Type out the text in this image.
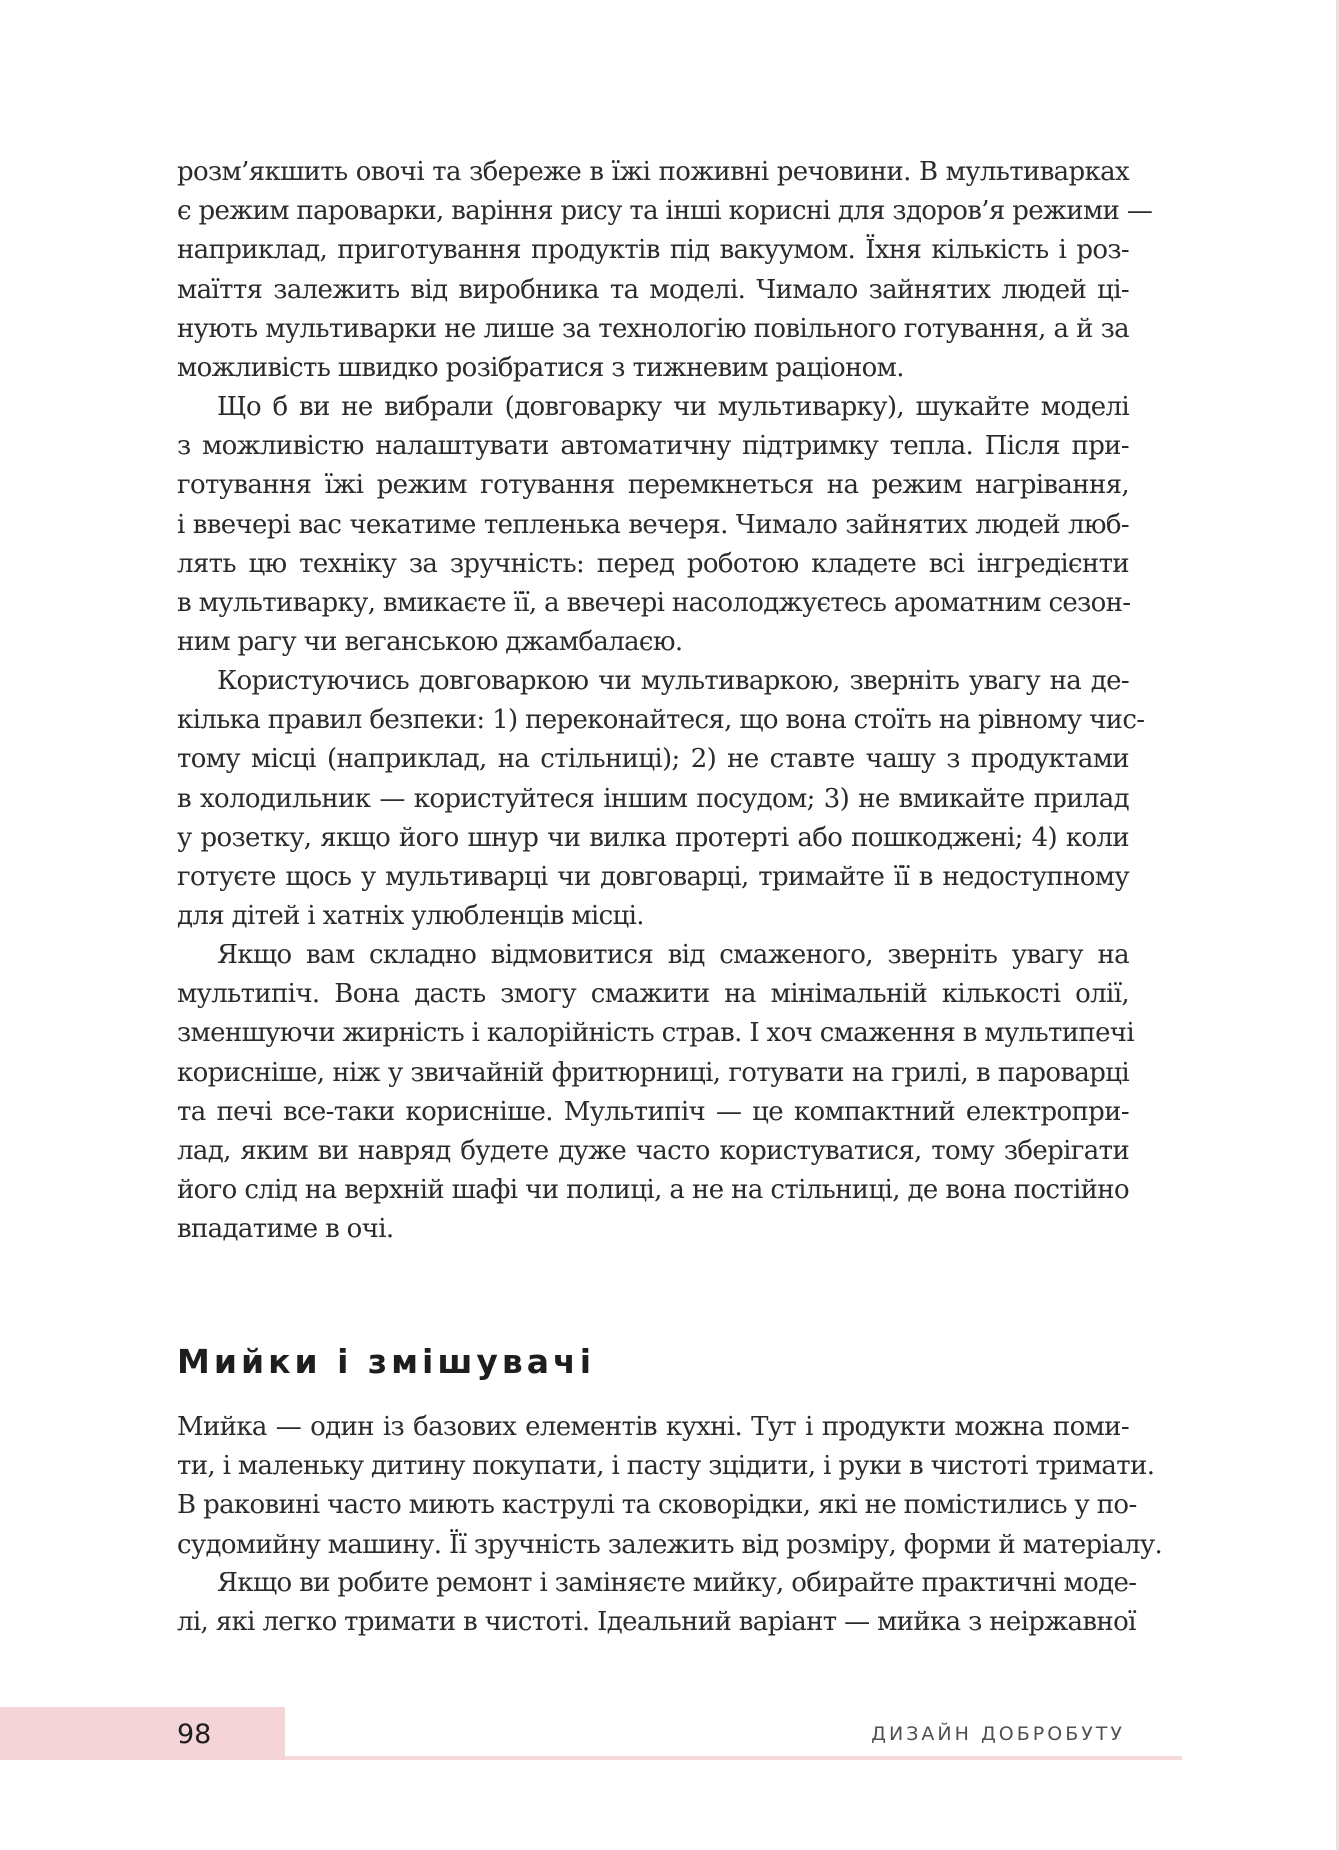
розм’якшить овочі та збереже в їжі поживні речовини. В мультиварках
є режим пароварки, варіння рису та інші корисні для здоров’я режими —
наприклад, приготування продуктів під вакуумом. Їхня кількість і роз-
маїття залежить від виробника та моделі. Чимало зайнятих людей ці-
нують мультиварки не лише за технологію повільного готування, а й за
можливість швидко розібратися з тижневим раціоном.
Що б ви не вибрали (довговарку чи мультиварку), шукайте моделі
з можливістю налаштувати автоматичну підтримку тепла. Після при-
готування їжі режим готування перемкнеться на режим нагрівання,
і ввечері вас чекатиме тепленька вечеря. Чимало зайнятих людей люб-
лять цю техніку за зручність: перед роботою кладете всі інгредієнти
в мультиварку, вмикаєте її, а ввечері насолоджуєтесь ароматним сезон-
ним рагу чи веганською джамбалаєю.
Користуючись довговаркою чи мультиваркою, зверніть увагу на де-
кілька правил безпеки: 1) переконайтеся, що вона стоїть на рівному чис-
тому місці (наприклад, на стільниці); 2) не ставте чашу з продуктами
в холодильник — користуйтеся іншим посудом; 3) не вмикайте прилад
у розетку, якщо його шнур чи вилка протерті або пошкоджені; 4) коли
готуєте щось у мультиварці чи довговарці, тримайте її в недоступному
для дітей і хатніх улюбленців місці.
Якщо вам складно відмовитися від смаженого, зверніть увагу на
мультипіч. Вона дасть змогу смажити на мінімальній кількості олії,
зменшуючи жирність і калорійність страв. І хоч смаження в мультипечі
корисніше, ніж у звичайній фритюрниці, готувати на грилі, в пароварці
та печі все-таки корисніше. Мультипіч — це компактний електропри-
лад, яким ви навряд будете дуже часто користуватися, тому зберігати
його слід на верхній шафі чи полиці, а не на стільниці, де вона постійно
впадатиме в очі.
Мийки і змішувачі
Мийка — один із базових елементів кухні. Тут і продукти можна поми-
ти, і маленьку дитину покупати, і пасту зцідити, і руки в чистоті тримати.
В раковині часто миють каструлі та сковорідки, які не помістились у по-
судомийну машину. Її зручність залежить від розміру, форми й матеріалу.
Якщо ви робите ремонт і заміняєте мийку, обирайте практичні моде-
лі, які легко тримати в чистоті. Ідеальний варіант — мийка з неіржавної
98	ДИЗАЙН ДОБРОБУТУ
